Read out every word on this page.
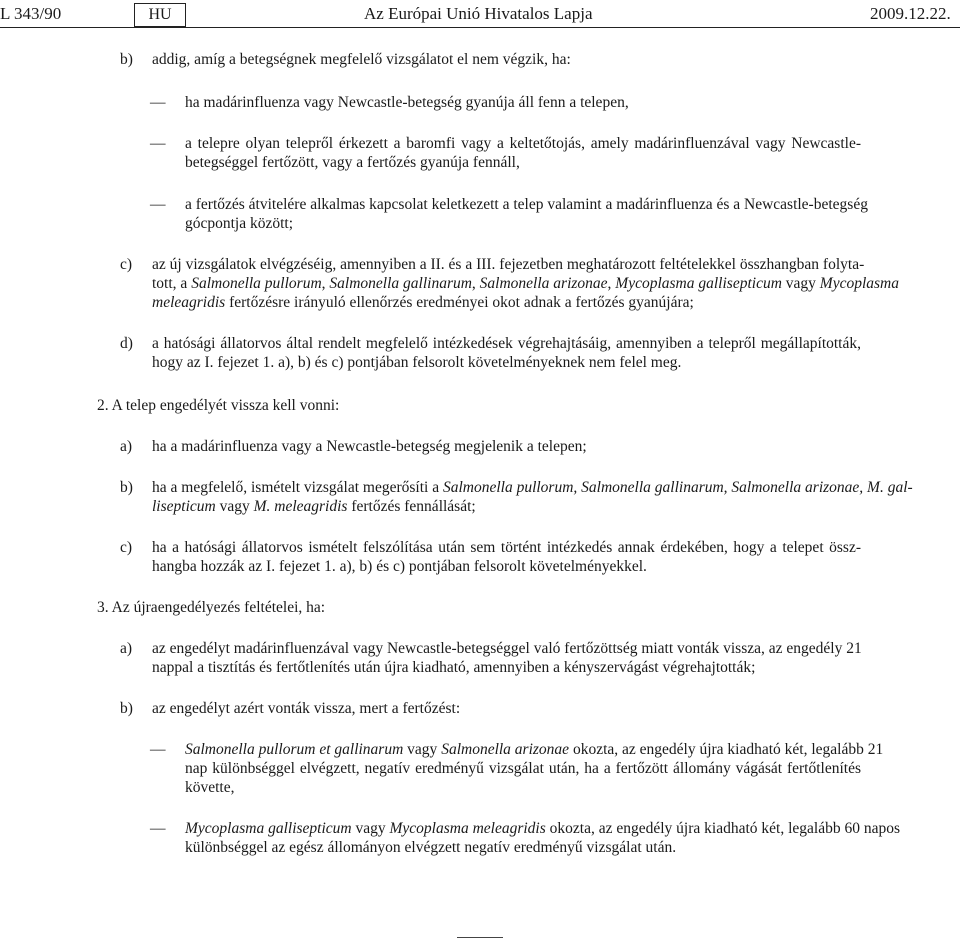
L 343/90	HU	Az Európai Unió Hivatalos Lapja	2009.12.22.
b) addig, amíg a betegségnek megfelelő vizsgálatot el nem végzik, ha:
— ha madárinfluenza vagy Newcastle-betegség gyanúja áll fenn a telepen,
— a telepre olyan telepről érkezett a baromfi vagy a keltetőtojás, amely madárinfluenzával vagy Newcastle-
betegséggel fertőzött, vagy a fertőzés gyanúja fennáll,
— a fertőzés átvitelére alkalmas kapcsolat keletkezett a telep valamint a madárinfluenza és a Newcastle-betegség
gócpontja között;
c) az új vizsgálatok elvégzéséig, amennyiben a II. és a III. fejezetben meghatározott feltételekkel összhangban folyta-
tott, a Salmonella pullorum, Salmonella gallinarum, Salmonella arizonae, Mycoplasma gallisepticum vagy Mycoplasma
meleagridis fertőzésre irányuló ellenőrzés eredményei okot adnak a fertőzés gyanújára;
d) a hatósági állatorvos által rendelt megfelelő intézkedések végrehajtásáig, amennyiben a telepről megállapították,
hogy az I. fejezet 1. a), b) és c) pontjában felsorolt követelményeknek nem felel meg.
2. A telep engedélyét vissza kell vonni:
a) ha a madárinfluenza vagy a Newcastle-betegség megjelenik a telepen;
b) ha a megfelelő, ismételt vizsgálat megerősíti a Salmonella pullorum, Salmonella gallinarum, Salmonella arizonae, M. gal-
lisepticum vagy M. meleagridis fertőzés fennállását;
c) ha a hatósági állatorvos ismételt felszólítása után sem történt intézkedés annak érdekében, hogy a telepet össz-
hangba hozzák az I. fejezet 1. a), b) és c) pontjában felsorolt követelményekkel.
3. Az újraengedélyezés feltételei, ha:
a) az engedélyt madárinfluenzával vagy Newcastle-betegséggel való fertőzöttség miatt vonták vissza, az engedély 21
nappal a tisztítás és fertőtlenítés után újra kiadható, amennyiben a kényszervágást végrehajtották;
b) az engedélyt azért vonták vissza, mert a fertőzést:
— Salmonella pullorum et gallinarum vagy Salmonella arizonae okozta, az engedély újra kiadható két, legalább 21
nap különbséggel elvégzett, negatív eredményű vizsgálat után, ha a fertőzött állomány vágását fertőtlenítés
követte,
— Mycoplasma gallisepticum vagy Mycoplasma meleagridis okozta, az engedély újra kiadható két, legalább 60 napos
különbséggel az egész állományon elvégzett negatív eredményű vizsgálat után.
